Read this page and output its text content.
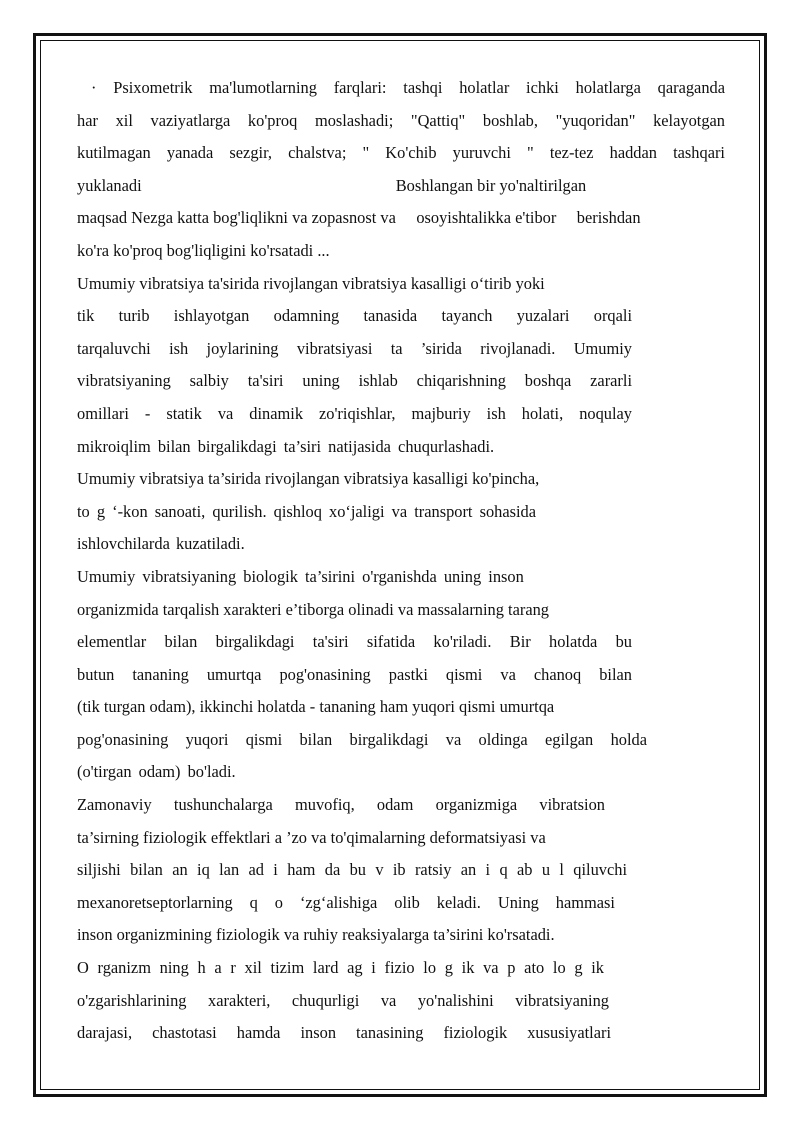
· Psixometrik ma'lumotlarning farqlari: tashqi holatlar ichki holatlarga qaraganda
har xil vaziyatlarga ko'proq moslashadi; "Qattiq" boshlab, "yuqoridan" kelayotgan
kutilmagan yanada sezgir, chalstva; " Ko'chib yuruvchi " tez-tez haddan tashqari
yuklanadi                                                              Boshlangan bir yo'naltirilgan
maqsad Nezga katta bog'liqlikni va zopasnost va     osoyishtalikka e'tibor     berishdan
ko'ra ko'proq bog'liqligini ko'rsatadi ...
Umumiy vibratsiya ta'sirida rivojlangan vibratsiya kasalligi o‘tirib yoki
tik turib ishlayotgan odamning tanasida tayanch yuzalari orqali
tarqaluvchi ish joylarining vibratsiyasi ta ’sirida rivojlanadi. Umumiy
vibratsiyaning salbiy ta'siri uning ishlab chiqarishning boshqa zararli
omillari - statik va dinamik zo'riqishlar, majburiy ish holati, noqulay
mikroiqlim bilan birgalikdagi ta’siri natijasida chuqurlashadi.
Umumiy vibratsiya ta’sirida rivojlangan vibratsiya kasalligi ko'pincha,
to g ‘-kon sanoati, qurilish. qishloq xo‘jaligi va transport sohasida
ishlovchilarda kuzatiladi.
Umumiy vibratsiyaning biologik ta’sirini o'rganishda uning inson
organizmida tarqalish xarakteri e’tiborga olinadi va massalarning tarang
elementlar bilan birgalikdagi ta'siri sifatida ko'riladi. Bir holatda bu
butun tananing umurtqa pog'onasining pastki qismi va chanoq bilan
(tik turgan odam), ikkinchi holatda - tananing ham yuqori qismi umurtqa
pog'onasining yuqori qismi bilan birgalikdagi va oldinga egilgan holda
(o'tirgan odam) bo'ladi.
Zamonaviy tushunchalarga muvofiq, odam organizmiga vibratsion
ta’sirning fiziologik effektlari a ’zo va to'qimalarning deformatsiyasi va
siljishi bilan an iq lan ad i ham da bu v ib ratsiy an i q ab u l qiluvchi
mexanoretseptorlarning q o ‘zg‘alishiga olib keladi. Uning hammasi
inson organizmining fiziologik va ruhiy reaksiyalarga ta’sirini ko'rsatadi.
O rganizm ning h a r xil tizim lard ag i fizio lo g ik va p ato lo g ik
o'zgarishlarining xarakteri, chuqurligi va yo'nalishini vibratsiyaning
darajasi, chastotasi hamda inson tanasining fiziologik xususiyatlari
